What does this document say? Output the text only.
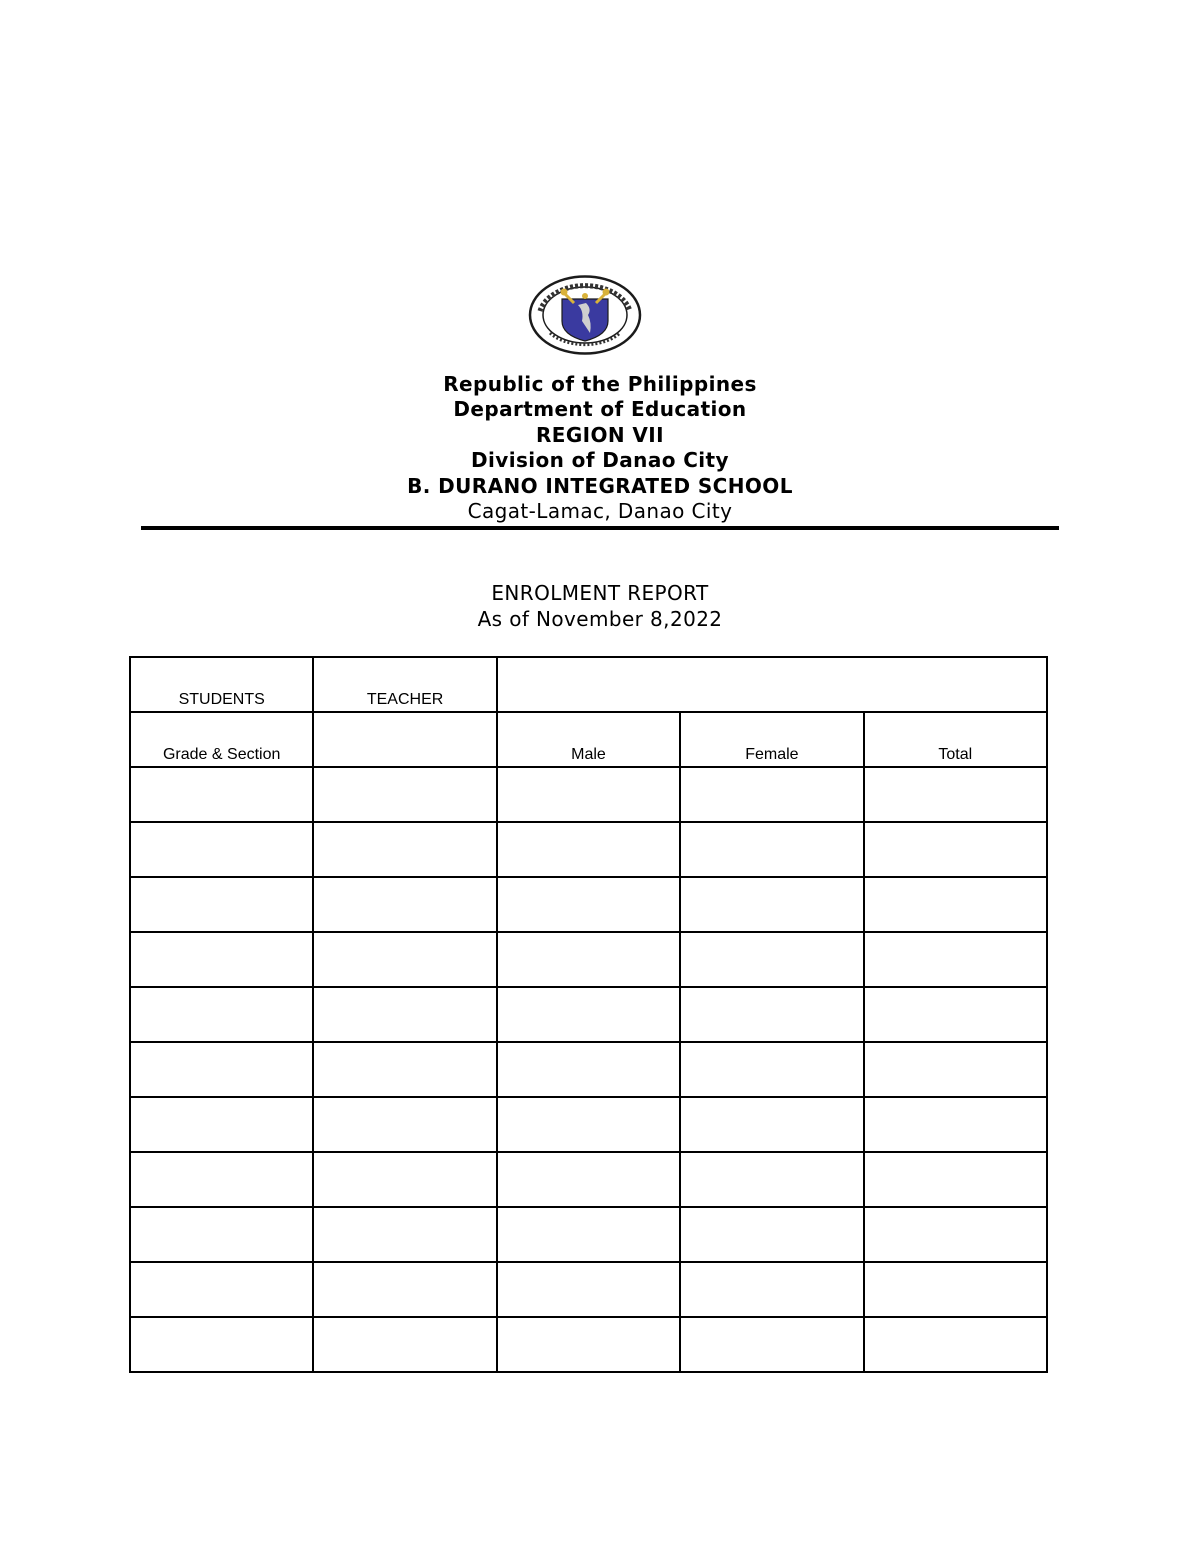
Republic of the Philippines
Department of Education
REGION VII
Division of Danao City
B. DURANO INTEGRATED SCHOOL
Cagat-Lamac, Danao City
ENROLMENT REPORT
As of November 8,2022
STUDENTS	TEACHER			
Grade & Section		Male	Female	Total
